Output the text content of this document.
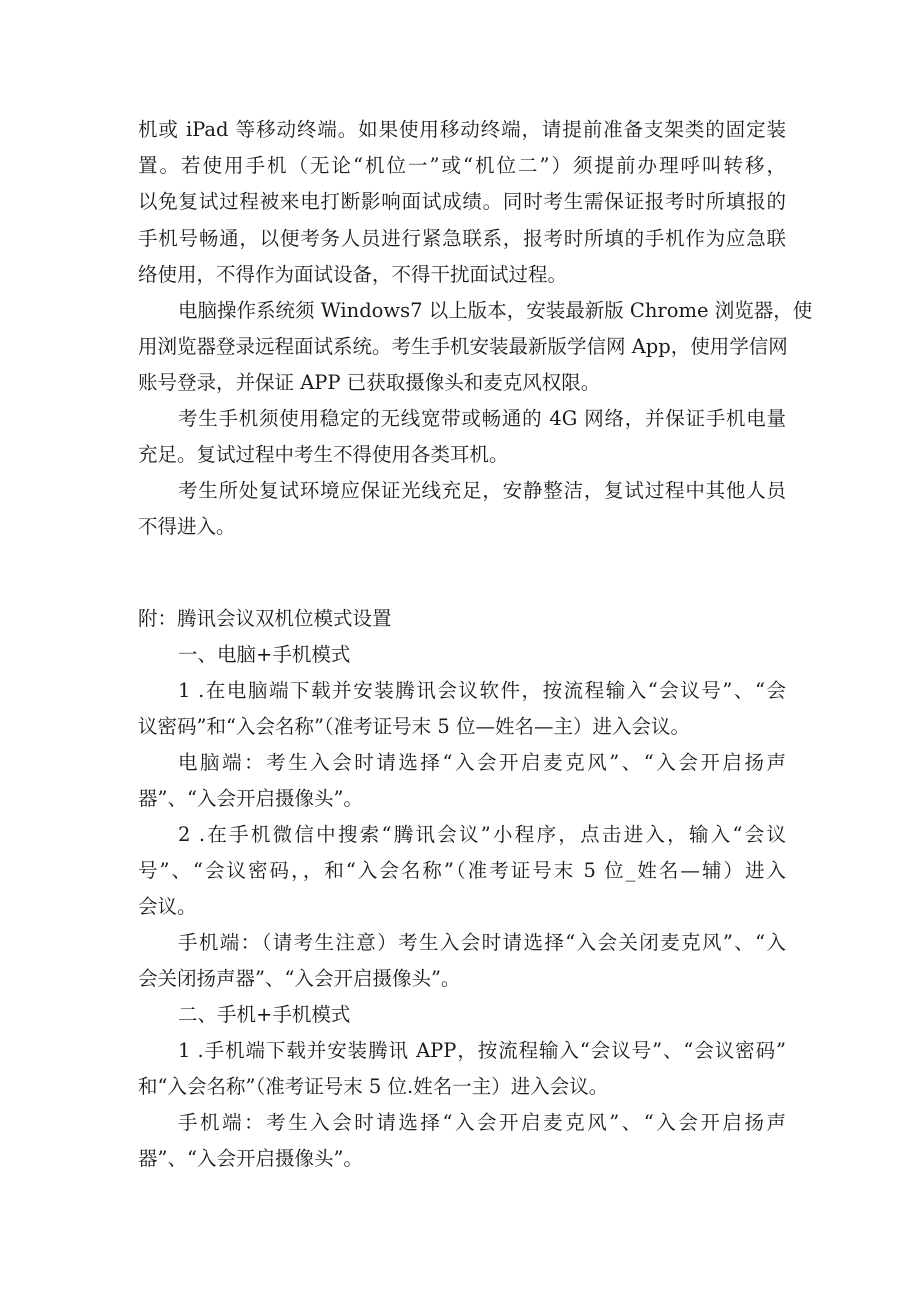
机或 iPad 等移动终端。如果使用移动终端，请提前准备支架类的固定装
置。若使用手机（无论“机位一”或“机位二”）须提前办理呼叫转移，
以免复试过程被来电打断影响面试成绩。同时考生需保证报考时所填报的
手机号畅通，以便考务人员进行紧急联系，报考时所填的手机作为应急联
络使用，不得作为面试设备，不得干扰面试过程。
电脑操作系统须 Windows7 以上版本，安装最新版 Chrome 浏览器，使
用浏览器登录远程面试系统。考生手机安装最新版学信网 App，使用学信网
账号登录，并保证 APP 已获取摄像头和麦克风权限。
考生手机须使用稳定的无线宽带或畅通的 4G 网络，并保证手机电量
充足。复试过程中考生不得使用各类耳机。
考生所处复试环境应保证光线充足，安静整洁，复试过程中其他人员
不得进入。
附：腾讯会议双机位模式设置
一、电脑+手机模式
1 .在电脑端下载并安装腾讯会议软件，按流程输入“会议号”、“会
议密码”和“入会名称”（准考证号末 5 位—姓名—主）进入会议。
电脑端：考生入会时请选择“入会开启麦克风”、“入会开启扬声
器”、“入会开启摄像头”。
2 .在手机微信中搜索“腾讯会议”小程序，点击进入，输入“会议
号”、“会议密码，，和“入会名称”（准考证号末 5 位_姓名—辅）进入
会议。
手机端：（请考生注意）考生入会时请选择“入会关闭麦克风”、“入
会关闭扬声器”、“入会开启摄像头”。
二、手机+手机模式
1 .手机端下载并安装腾讯 APP，按流程输入“会议号”、“会议密码”
和“入会名称”（准考证号末 5 位.姓名一主）进入会议。
手机端：考生入会时请选择“入会开启麦克风”、“入会开启扬声
器”、“入会开启摄像头”。
